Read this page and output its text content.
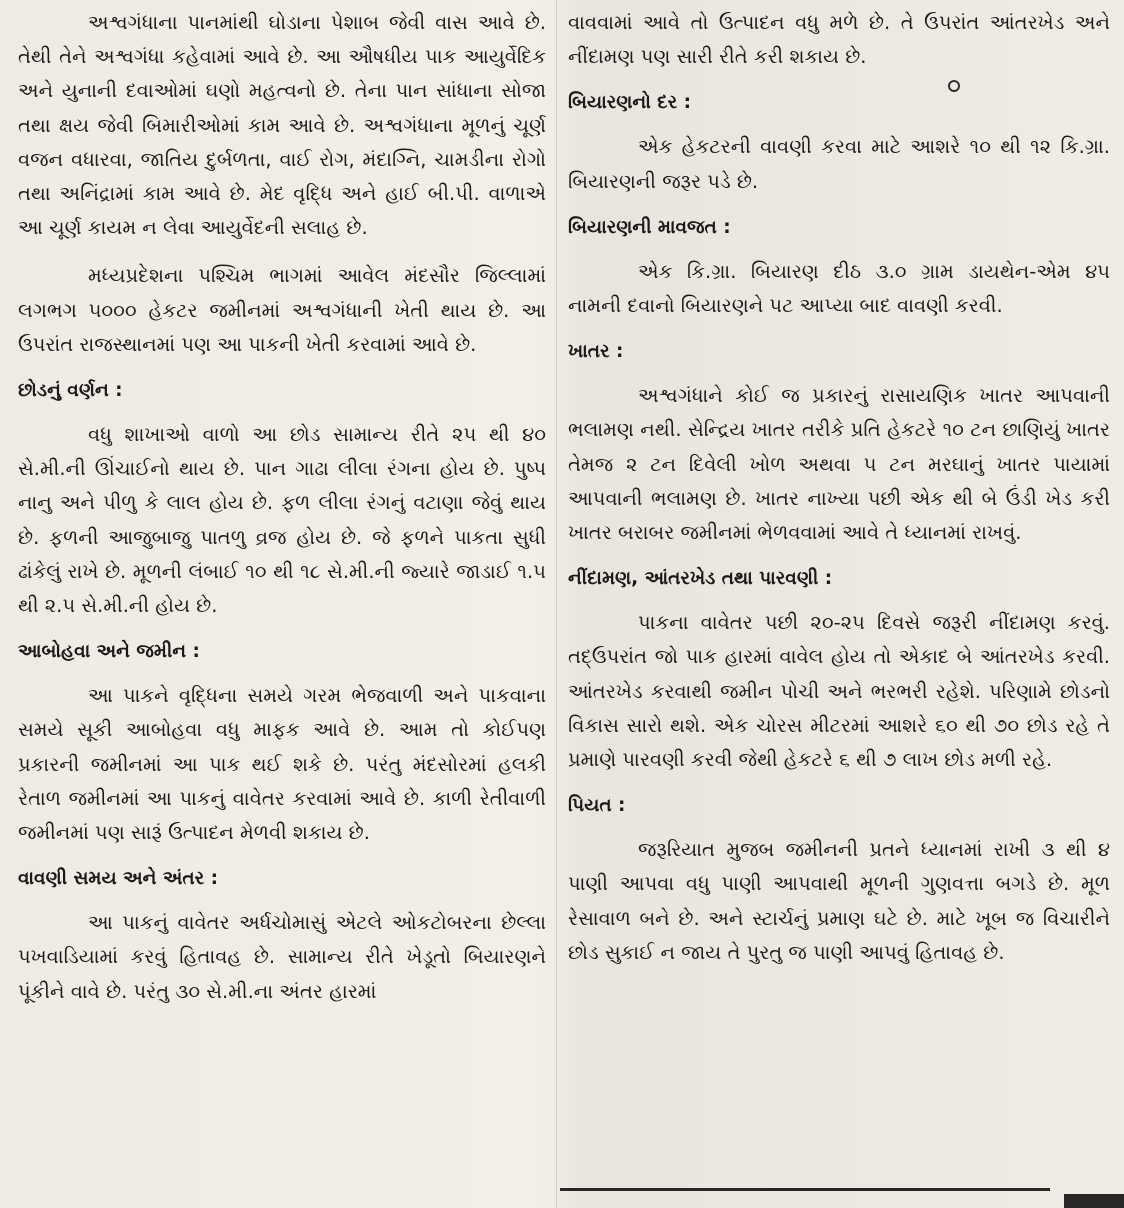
અશ્વગંધાના પાનમાંથી ઘોડાના પેશાબ જેવી વાસ આવે છે. તેથી તેને અશ્વગંધા કહેવામાં આવે છે. આ ઔષધીય પાક આયુર્વેદિક અને યુનાની દવાઓમાં ઘણો મહત્વનો છે. તેના પાન સાંધાના સોજા તથા ક્ષય જેવી બિમારીઓમાં કામ આવે છે. અશ્વગંધાના મૂળનું ચૂર્ણ વજન વધારવા, જાતિય દુર્બળતા, વાઈ રોગ, મંદાગ્નિ, ચામડીના રોગો તથા અનિંદ્રામાં કામ આવે છે. મેદ વૃદ્ધિ અને હાઈ બી.પી. વાળાએ આ ચૂર્ણ કાયમ ન લેવા આયુર્વેદની સલાહ છે.

મધ્યપ્રદેશના પશ્ચિમ ભાગમાં આવેલ મંદસૌર જિલ્લામાં લગભગ ૫૦૦૦ હેકટર જમીનમાં અશ્વગંધાની ખેતી થાય છે. આ ઉપરાંત રાજસ્થાનમાં પણ આ પાકની ખેતી કરવામાં આવે છે.

છોડનું વર્ણન :

વધુ શાખાઓ વાળો આ છોડ સામાન્ય રીતે ૨૫ થી ૪૦ સે.મી.ની ઊંચાઈનો થાય છે. પાન ગાઢા લીલા રંગના હોય છે. પુષ્પ નાનુ અને પીળુ કે લાલ હોય છે. ફળ લીલા રંગનું વટાણા જેવું થાય છે. ફળની આજુબાજુ પાતળુ વ્રજ હોય છે. જે ફળને પાકતા સુધી ઢાંકેલું રાખે છે. મૂળની લંબાઈ ૧૦ થી ૧૮ સે.મી.ની જ્યારે જાડાઈ ૧.૫ થી ૨.૫ સે.મી.ની હોય છે.

આબોહવા અને જમીન :

આ પાકને વૃદ્ધિના સમયે ગરમ ભેજવાળી અને પાકવાના સમયે સૂકી આબોહવા વધુ માફક આવે છે. આમ તો કોઈપણ પ્રકારની જમીનમાં આ પાક થઈ શકે છે. પરંતુ મંદસોરમાં હલકી રેતાળ જમીનમાં આ પાકનું વાવેતર કરવામાં આવે છે. કાળી રેતીવાળી જમીનમાં પણ સારૂં ઉત્પાદન મેળવી શકાય છે.

વાવણી સમય અને અંતર :

આ પાકનું વાવેતર અર્ધચોમાસું એટલે ઓકટોબરના છેલ્લા પખવાડિયામાં કરવું હિતાવહ છે. સામાન્ય રીતે ખેડૂતો બિયારણને પૂંકીને વાવે છે. પરંતુ ૩૦ સે.મી.ના અંતર હારમાં

વાવવામાં આવે તો ઉત્પાદન વધુ મળે છે. તે ઉપરાંત આંતરખેડ અને નીંદામણ પણ સારી રીતે કરી શકાય છે.

બિયારણનો દર :

એક હેકટરની વાવણી કરવા માટે આશરે ૧૦ થી ૧૨ કિ.ગ્રા. બિયારણની જરૂર પડે છે.

બિયારણની માવજત :

એક કિ.ગ્રા. બિયારણ દીઠ ૩.૦ ગ્રામ ડાયથેન-એમ ૪૫ નામની દવાનો બિયારણને પટ આપ્યા બાદ વાવણી કરવી.

ખાતર :

અશ્વગંધાને કોઈ જ પ્રકારનું રાસાયણિક ખાતર આપવાની ભલામણ નથી. સેન્દ્રિય ખાતર તરીકે પ્રતિ હેકટરે ૧૦ ટન છાણિયું ખાતર તેમજ ૨ ટન દિવેલી ખોળ અથવા ૫ ટન મરઘાનું ખાતર પાયામાં આપવાની ભલામણ છે. ખાતર નાખ્યા પછી એક થી બે ઉંડી ખેડ કરી ખાતર બરાબર જમીનમાં ભેળવવામાં આવે તે ધ્યાનમાં રાખવું.

નીંદામણ, આંતરખેડ તથા પારવણી :

પાકના વાવેતર પછી ૨૦-૨૫ દિવસે જરૂરી નીંદામણ કરવું. તદ્ઉપરાંત જો પાક હારમાં વાવેલ હોય તો એકાદ બે આંતરખેડ કરવી. આંતરખેડ કરવાથી જમીન પોચી અને ભરભરી રહેશે. પરિણામે છોડનો વિકાસ સારો થશે. એક ચોરસ મીટરમાં આશરે ૬૦ થી ૭૦ છોડ રહે તે પ્રમાણે પારવણી કરવી જેથી હેકટરે ૬ થી ૭ લાખ છોડ મળી રહે.

પિયત :

જરૂરિયાત મુજબ જમીનની પ્રતને ધ્યાનમાં રાખી ૩ થી ૪ પાણી આપવા વધુ પાણી આપવાથી મૂળની ગુણવત્તા બગડે છે. મૂળ રેસાવાળ બને છે. અને સ્ટાર્ચનું પ્રમાણ ઘટે છે. માટે ખૂબ જ વિચારીને છોડ સુકાઈ ન જાય તે પુરતુ જ પાણી આપવું હિતાવહ છે.
